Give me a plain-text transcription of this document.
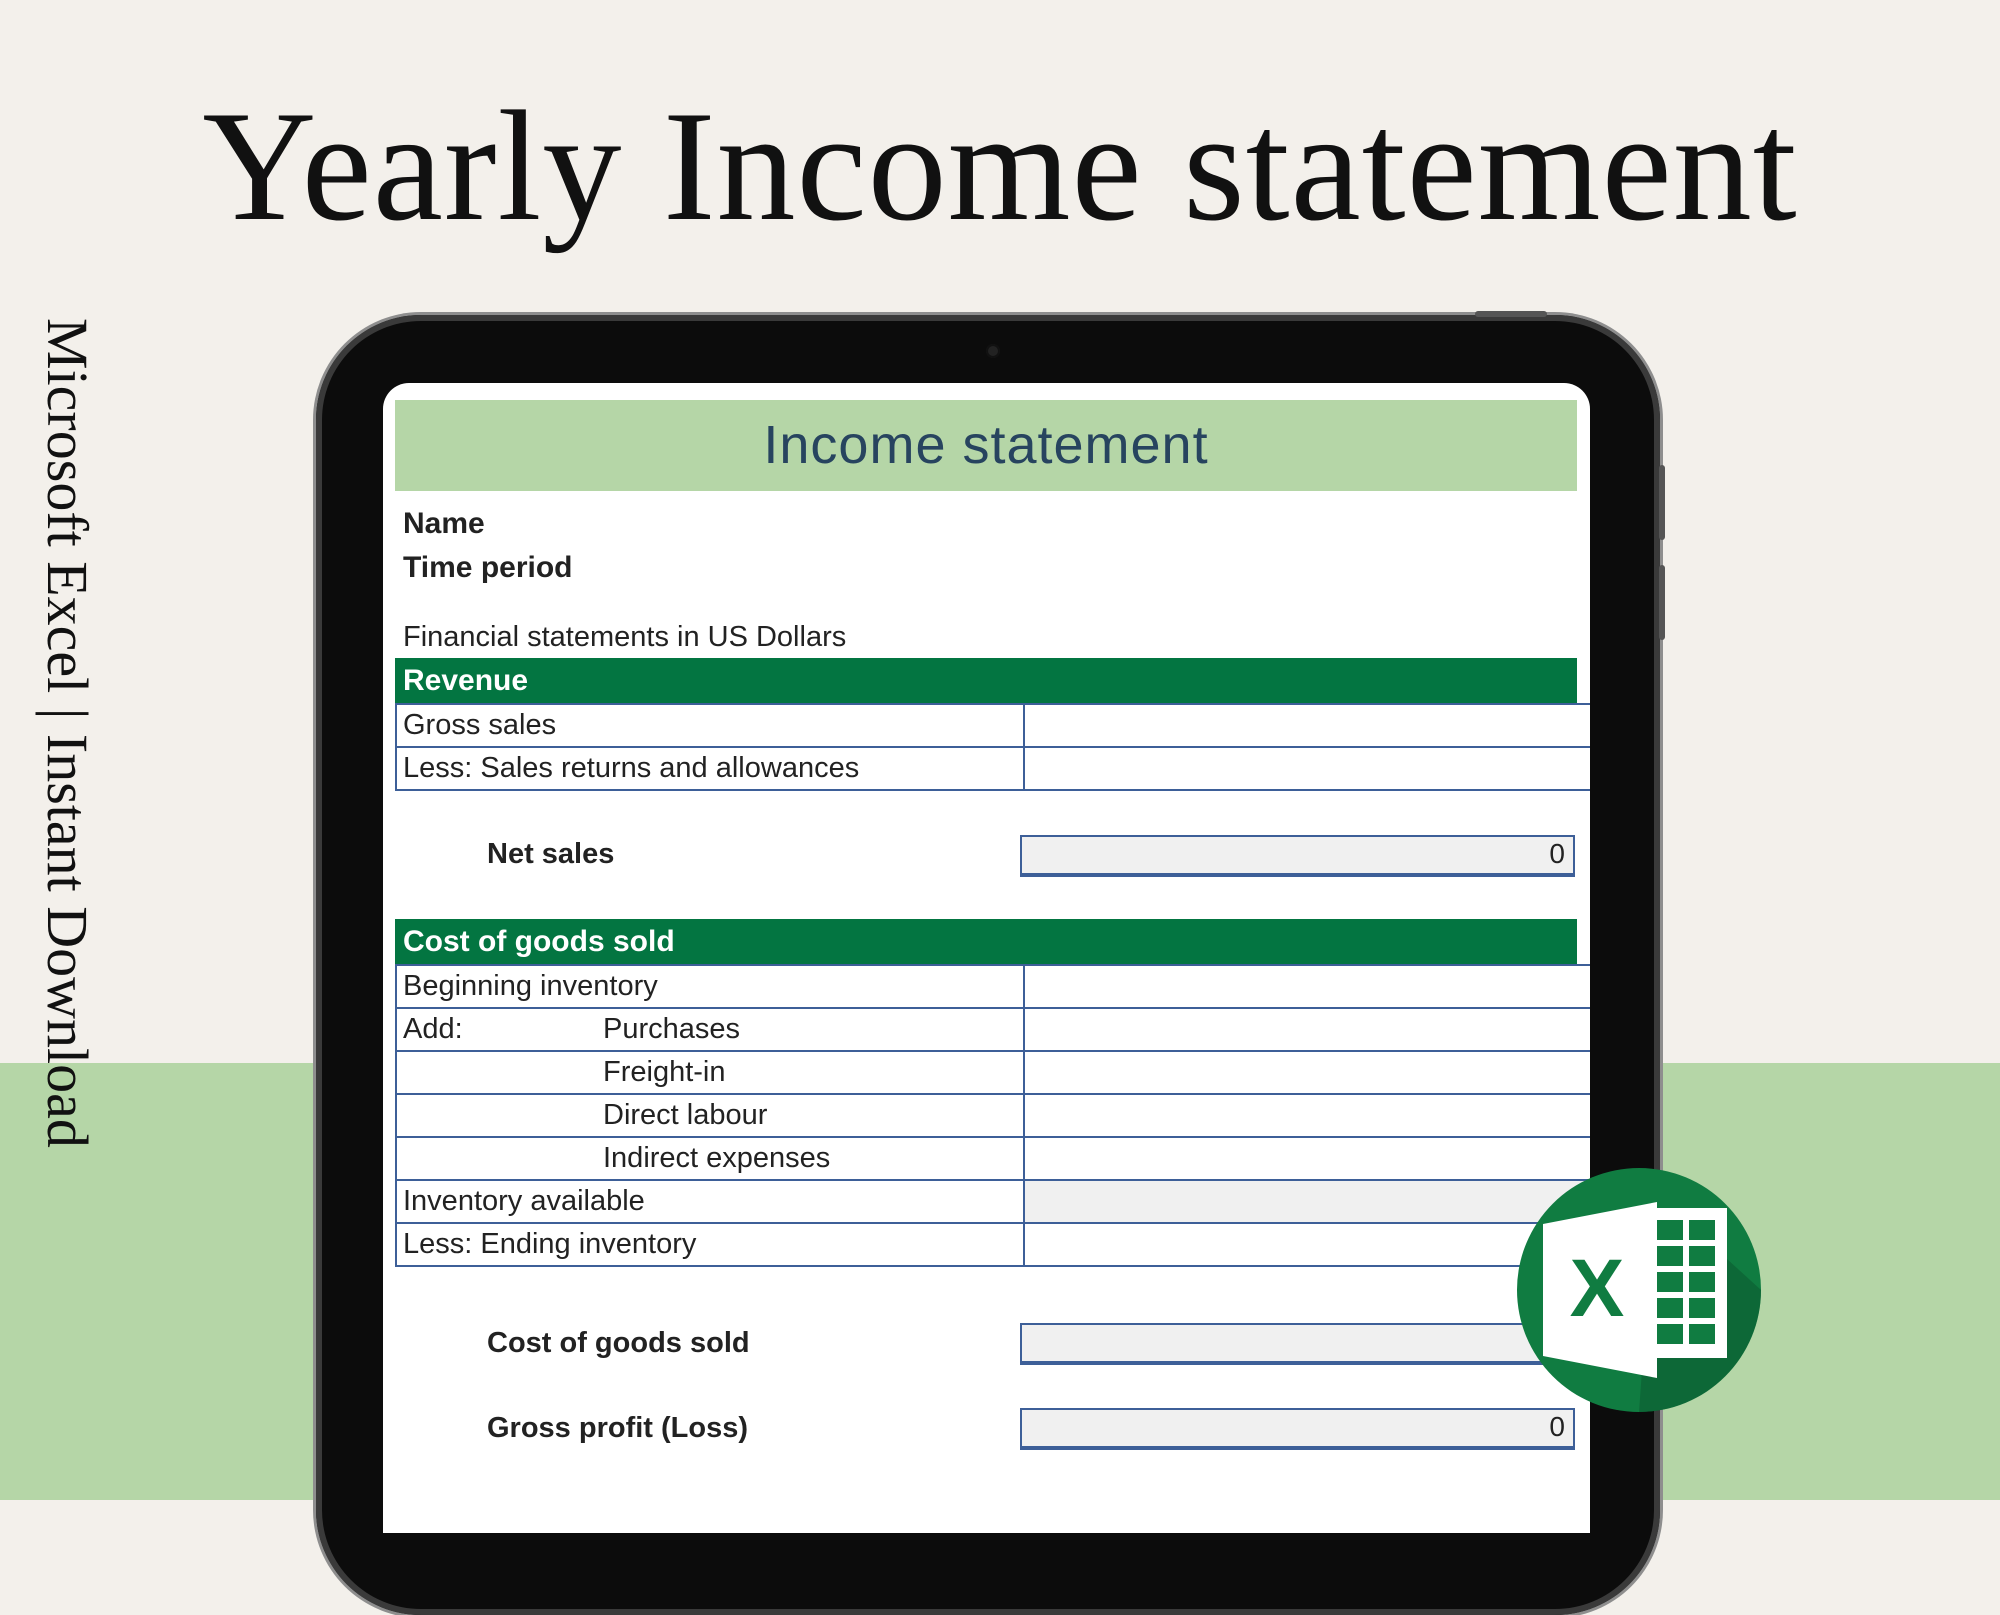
Yearly Income statement
Microsoft Excel | Instant Download	Income statement
Name
Time period
Financial statements in US Dollars
Revenue
Gross sales	
Less: Sales returns and allowances	
Net sales	0
Cost of goods sold
Beginning inventory	
Add: Purchases	
Freight-in	
Direct labour	
Indirect expenses	
Inventory available	
Less: Ending inventory	
Cost of goods sold
Gross profit (Loss)	0
X
